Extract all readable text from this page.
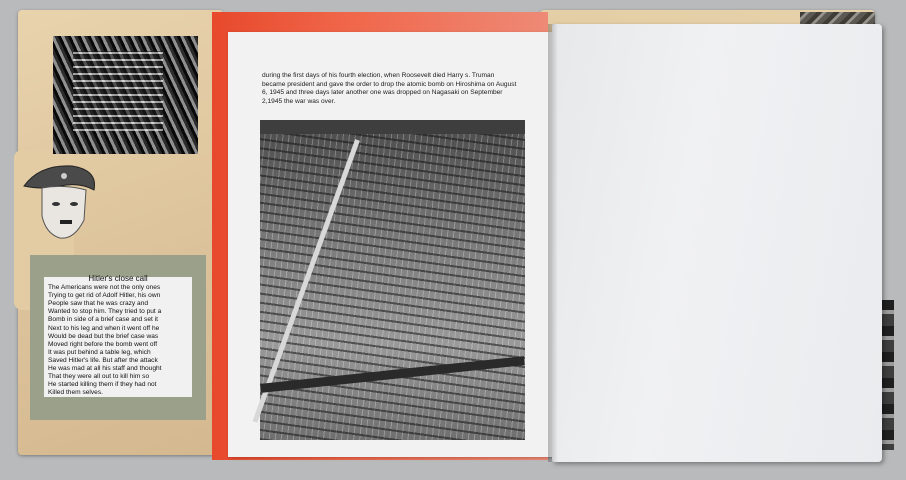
Hitler's close call
The Americans were not the only ones
Trying to get rid of Adolf Hitler, his own
People saw that he was crazy and
Wanted to stop him. They tried to put a
Bomb in side of a brief case and set it
Next to his leg and when it went off he
Would be dead but the brief case was
Moved right before the bomb went off
It was put behind a table leg, which
Saved Hitler's life. But after the attack
He was mad at all his staff and thought
That they were all out to kill him so
He started killing them if they had not
Killed them selves.
during the first days of his fourth election, when Roosevelt died Harry s. Truman
became president and gave the order to drop the atomic bomb on Hiroshima on August
6, 1945 and three days later another one was dropped on Nagasaki on September
2,1945 the war was over.
